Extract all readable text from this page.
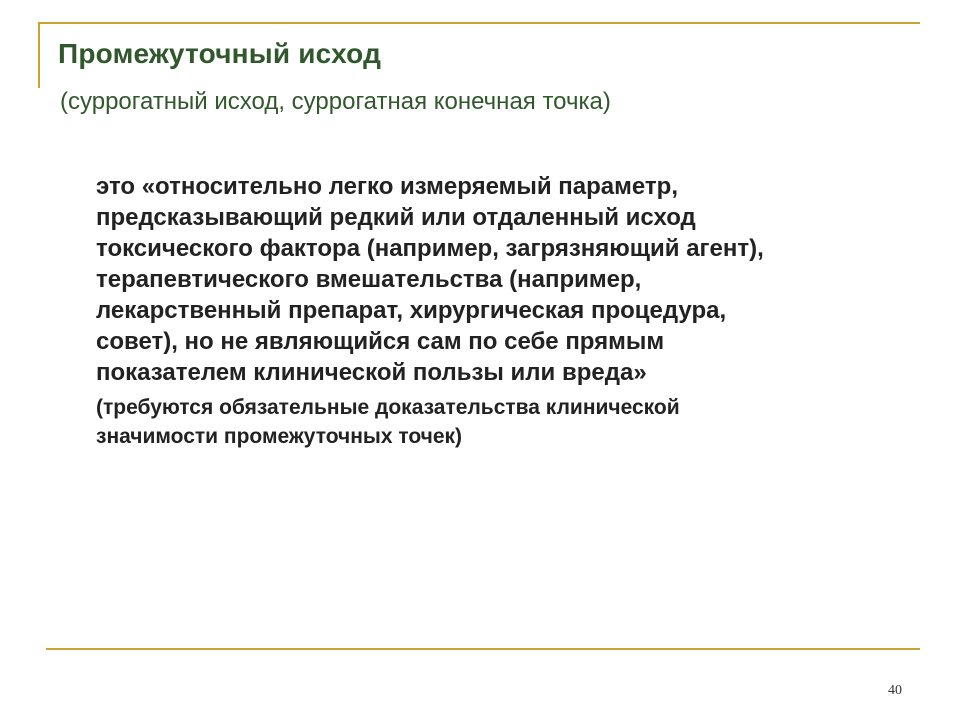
Промежуточный исход

(суррогатный исход, суррогатная конечная точка)

это «относительно легко измеряемый параметр,
предсказывающий редкий или отдаленный исход
токсического фактора (например, загрязняющий агент),
терапевтического вмешательства (например,
лекарственный препарат, хирургическая процедура,
совет), но не являющийся сам по себе прямым
показателем клинической пользы или вреда»

(требуются обязательные доказательства клинической
значимости промежуточных точек)

40
